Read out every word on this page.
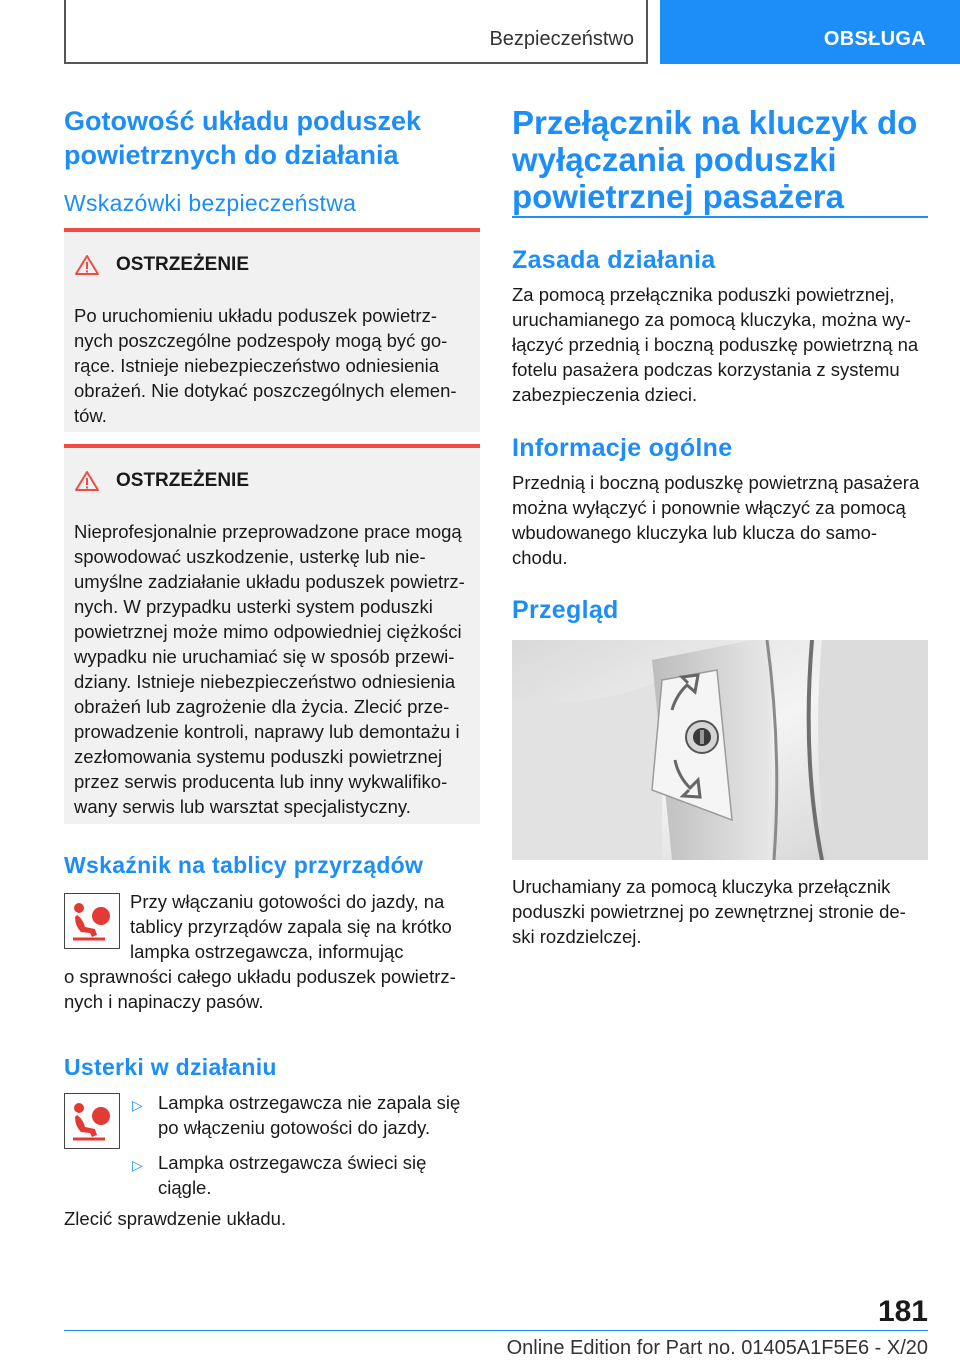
Bezpieczeństwo	OBSŁUGA
Gotowość układu poduszek powietrznych do działania
Wskazówki bezpieczeństwa
OSTRZEŻENIE

Po uruchomieniu układu poduszek powietrz-nych poszczególne podzespoły mogą być go-rące. Istnieje niebezpieczeństwo odniesienia obrażeń. Nie dotykać poszczególnych elemen-tów.

OSTRZEŻENIE

Nieprofesjonalnie przeprowadzone prace mogą spowodować uszkodzenie, usterkę lub nie-umyślne zadziałanie układu poduszek powietrz-nych. W przypadku usterki system poduszki powietrznej może mimo odpowiedniej ciężkości wypadku nie uruchamiać się w sposób przewi-dziany. Istnieje niebezpieczeństwo odniesienia obrażeń lub zagrożenie dla życia. Zlecić prze-prowadzenie kontroli, naprawy lub demontażu i zezłomowania systemu poduszki powietrznej przez serwis producenta lub inny wykwalifiko-wany serwis lub warsztat specjalistyczny.

Wskaźnik na tablicy przyrządów

Przy włączaniu gotowości do jazdy, na

tablicy przyrządów zapala się na krótko

lampka ostrzegawcza, informując

o sprawności całego układu poduszek powietrz-nych i napinaczy pasów.

Usterki w działaniu
▷ Lampka ostrzegawcza nie zapala się po włączeniu gotowości do jazdy.
▷ Lampka ostrzegawcza świeci się ciągle.

Zlecić sprawdzenie układu.

Przełącznik na kluczyk do wyłączania poduszki powietrznej pasażera
Zasada działania

Za pomocą przełącznika poduszki powietrznej, uruchamianego za pomocą kluczyka, można wy-łączyć przednią i boczną poduszkę powietrzną na fotelu pasażera podczas korzystania z systemu zabezpieczenia dzieci.

Informacje ogólne

Przednią i boczną poduszkę powietrzną pasażera można wyłączyć i ponownie włączyć za pomocą wbudowanego kluczyka lub klucza do samo-chodu.

Przegląd

Uruchamiany za pomocą kluczyka przełącznik poduszki powietrznej po zewnętrznej stronie de-ski rozdzielczej.

181
Online Edition for Part no. 01405A1F5E6 - X/20
